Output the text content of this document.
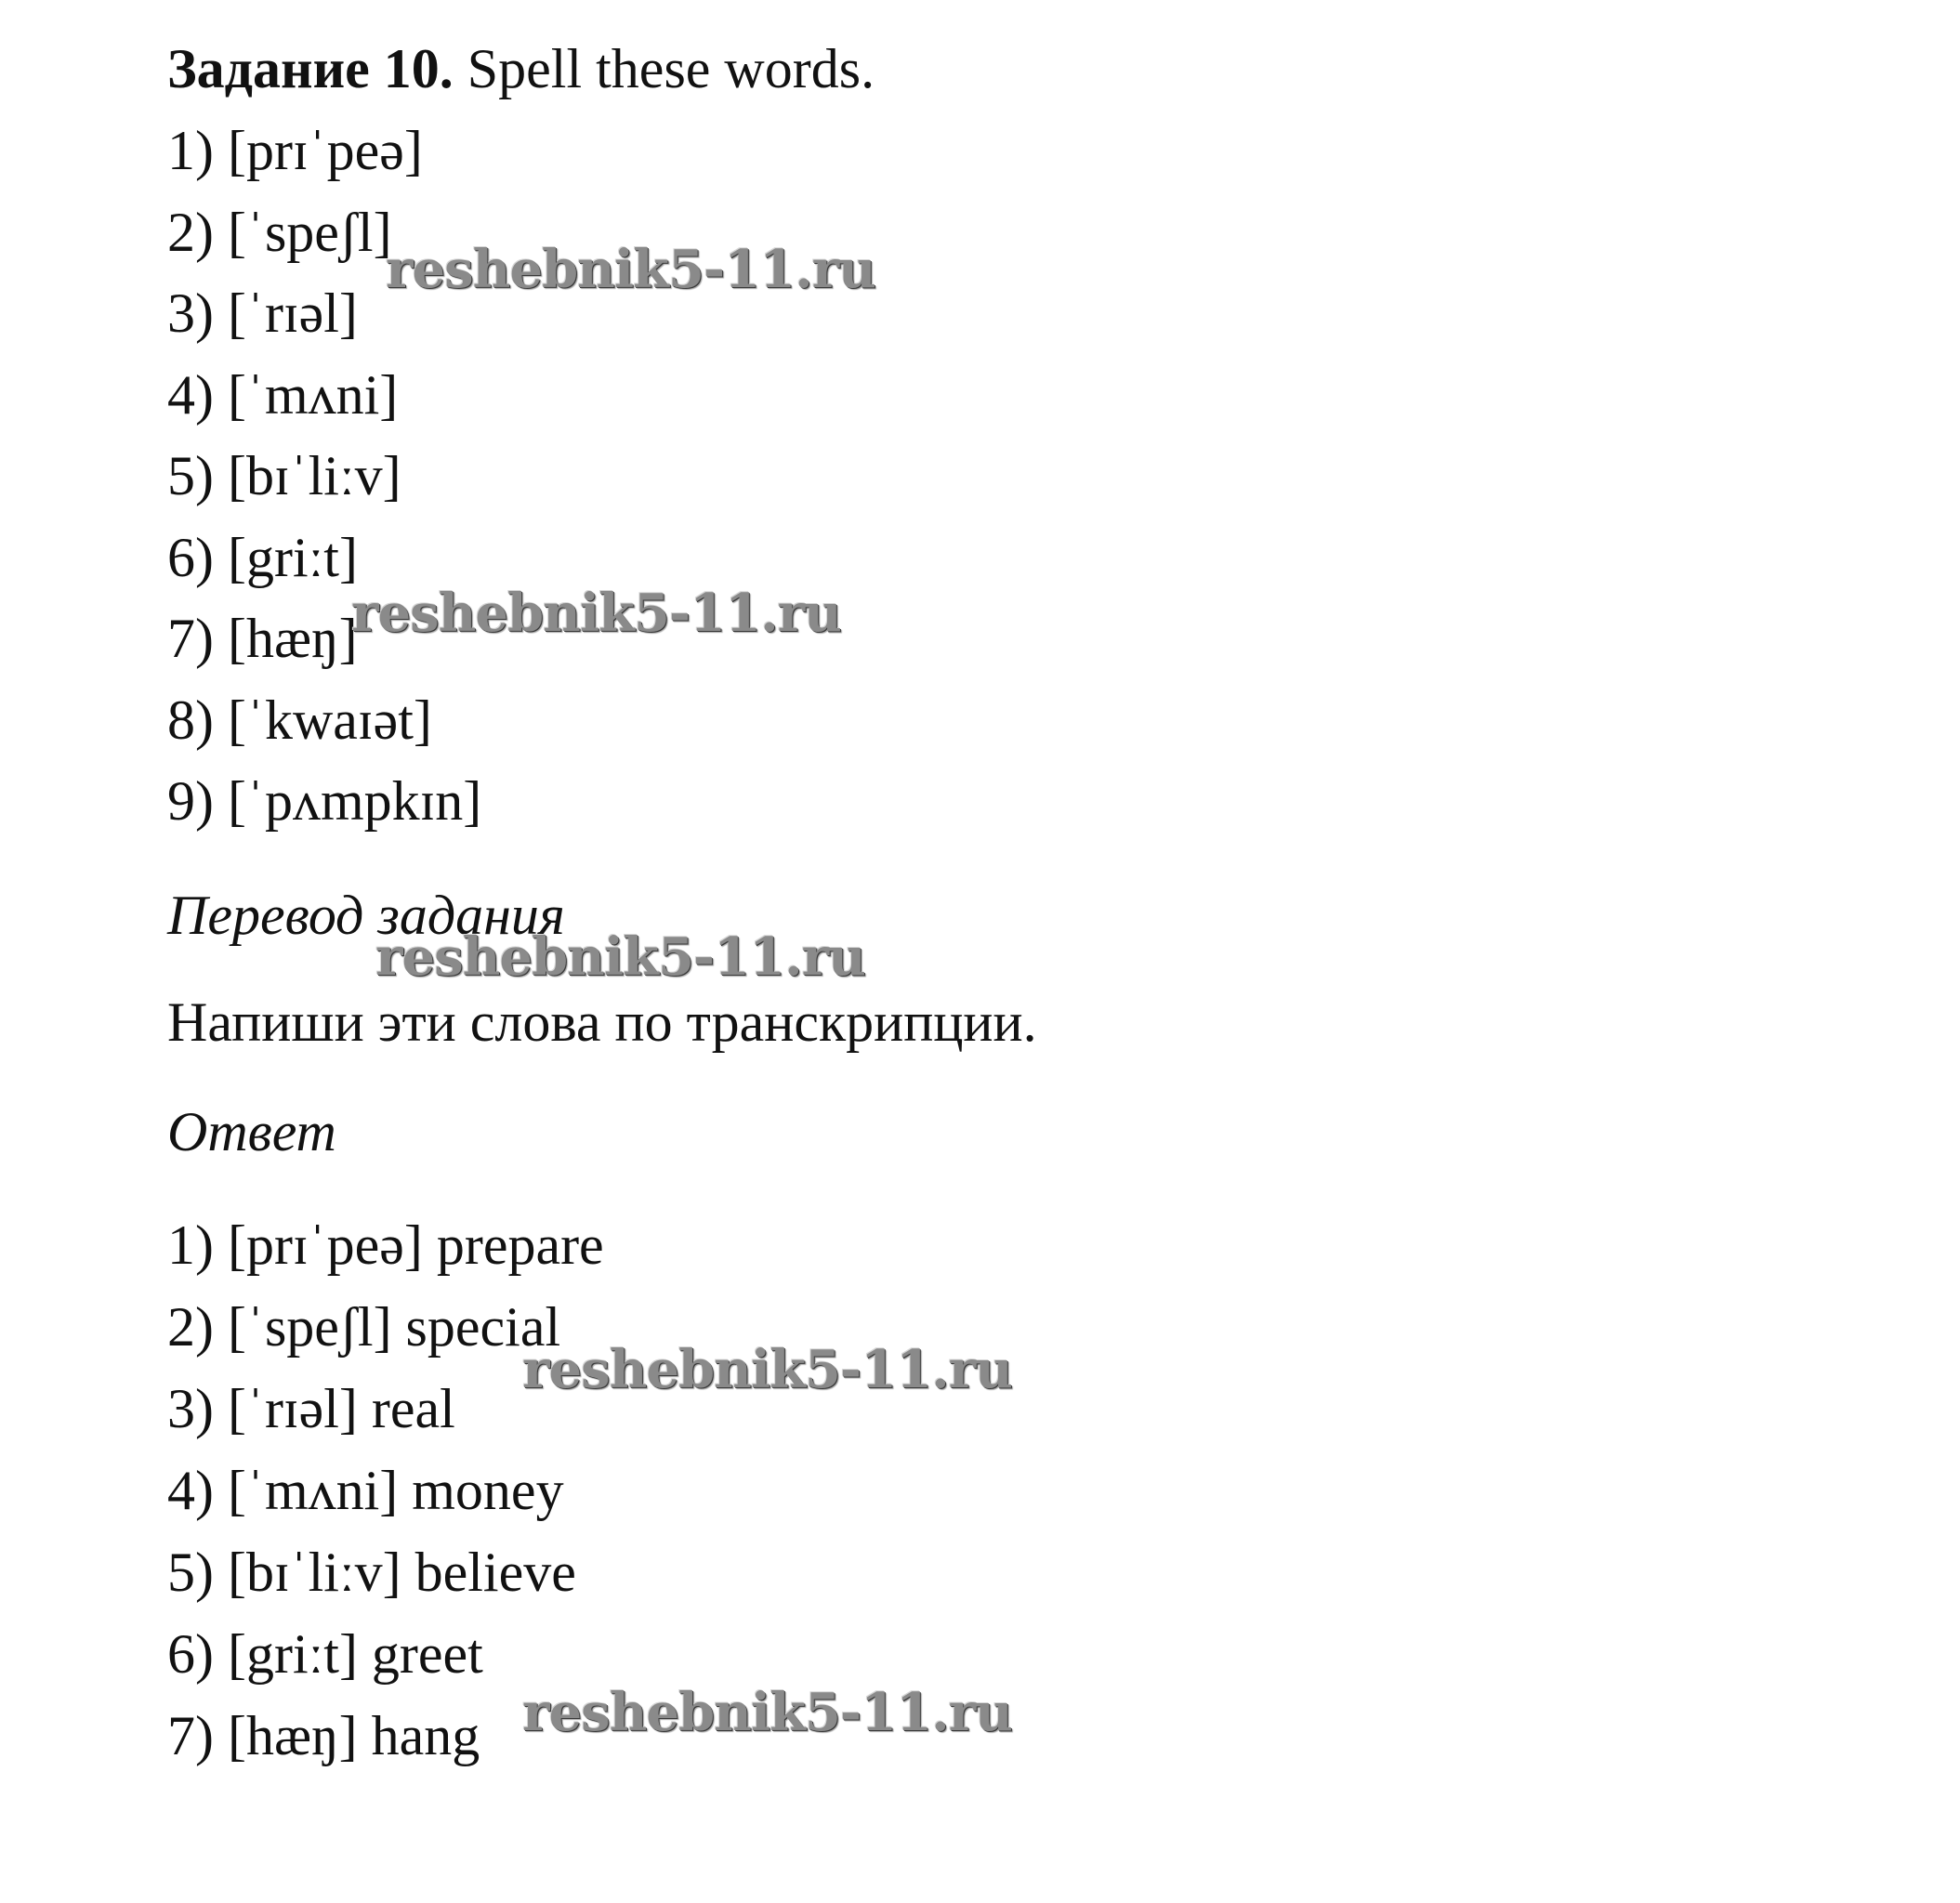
Задание 10. Spell these words.
1) [prɪˈpeə]
2) [ˈspeʃl]
3) [ˈrɪəl]
4) [ˈmʌni]
5) [bɪˈliːv]
6) [griːt]
7) [hæŋ]
8) [ˈkwaɪət]
9) [ˈpʌmpkɪn]
Перевод задания
Напиши эти слова по транскрипции.
Ответ
1) [prɪˈpeə] prepare
2) [ˈspeʃl] special
3) [ˈrɪəl] real
4) [ˈmʌni] money
5) [bɪˈliːv] believe
6) [griːt] greet
7) [hæŋ] hang
reshebnik5-11.ru
reshebnik5-11.ru
reshebnik5-11.ru
reshebnik5-11.ru
reshebnik5-11.ru
